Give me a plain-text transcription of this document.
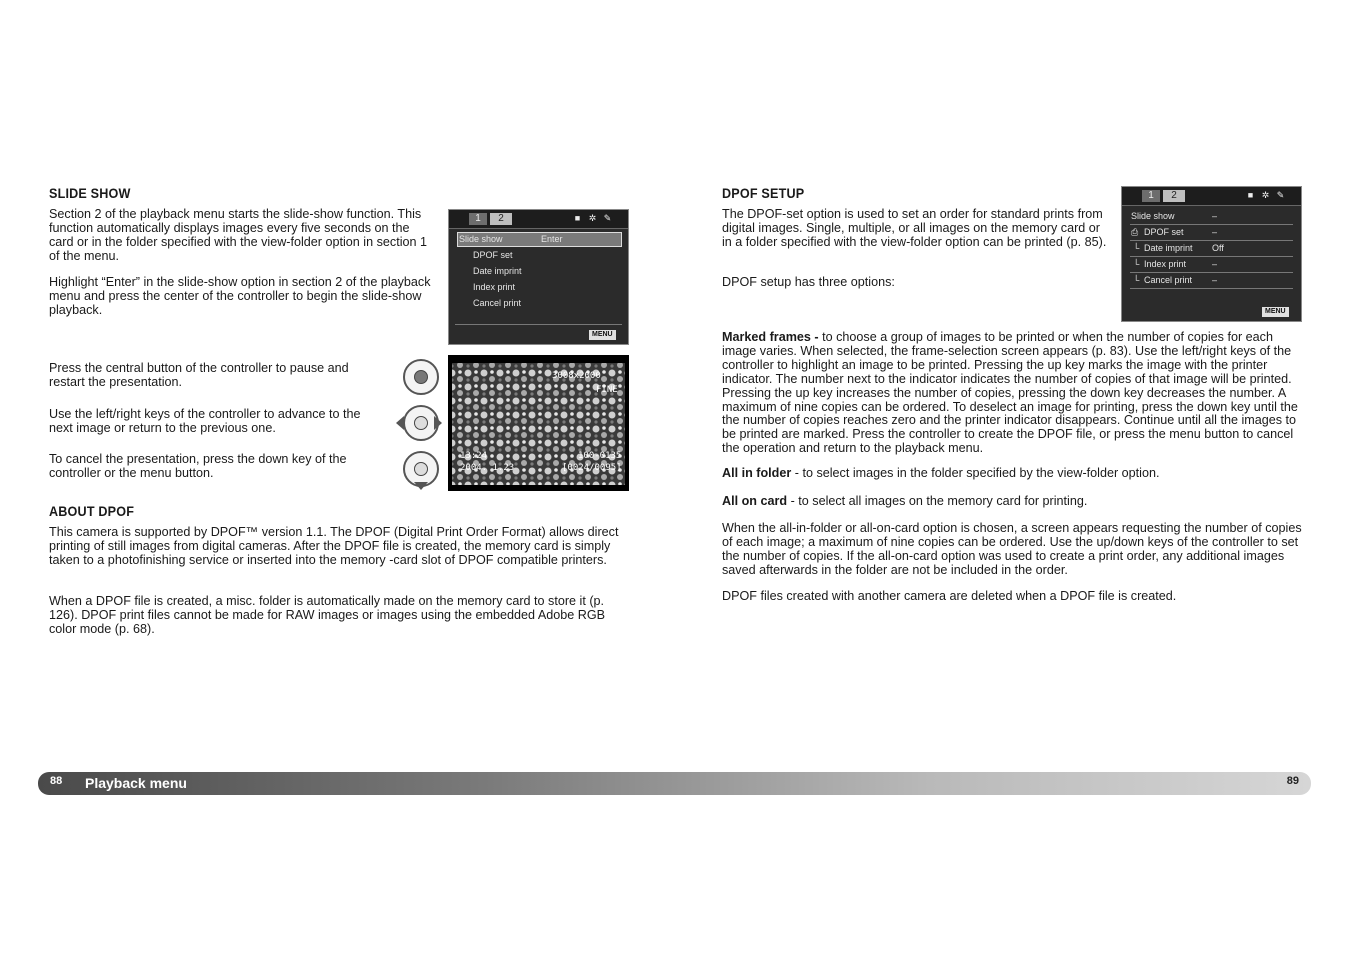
SLIDE SHOW

Section 2 of the playback menu starts the slide-show function. This function automatically displays images every five seconds on the card or in the folder specified with the view-folder option in section 1 of the menu.

Highlight “Enter” in the slide-show option in section 2 of the playback menu and press the center of the controller to begin the slide-show playback.

1	2	■ ✲ ✎
Slide show	Enter
DPOF set
Date imprint
Index print
Cancel print
MENU

Press the central button of the controller to pause and restart the presentation.

Use the left/right keys of the controller to advance to the next image or return to the previous one.

To cancel the presentation, press the down key of the controller or the menu button.

3008x2000
FINE
13:24
2004. 1.23
100-0135
[0024/0095]
ABOUT DPOF

This camera is supported by DPOF™ version 1.1. The DPOF (Digital Print Order Format) allows direct printing of still images from digital cameras. After the DPOF file is created, the memory card is simply taken to a photofinishing service or inserted into the memory -card slot of DPOF compatible printers.

When a DPOF file is created, a misc. folder is automatically made on the memory card to store it (p. 126). DPOF print files cannot be made for RAW images or images using the embedded Adobe RGB color mode (p. 68).

DPOF SETUP

The DPOF-set option is used to set an order for standard prints from digital images. Single, multiple, or all images on the memory card or in a folder specified with the view-folder option can be printed (p. 85).

DPOF setup has three options:

1	2	■ ✲ ✎
Slide show	–
⎙ DPOF set	–
└ Date imprint Off
└ Index print	–
└ Cancel print –
MENU

Marked frames - to choose a group of images to be printed or when the number of copies for each image varies. When selected, the frame-selection screen appears (p. 83). Use the left/right keys of the controller to highlight an image to be printed. Pressing the up key marks the image with the printer indicator. The number next to the indicator indicates the number of copies of that image will be printed. Pressing the up key increases the number of copies, pressing the down key decreases the number. A maximum of nine copies can be ordered. To deselect an image for printing, press the down key until the the number of copies reaches zero and the printer indicator disappears. Continue until all the images to be printed are marked. Press the controller to create the DPOF file, or press the menu button to cancel the operation and return to the playback menu.

All in folder - to select images in the folder specified by the view-folder option.

All on card - to select all images on the memory card for printing.

When the all-in-folder or all-on-card option is chosen, a screen appears requesting the number of copies of each image; a maximum of nine copies can be ordered. Use the up/down keys of the controller to set the number of copies. If the all-on-card option was used to create a print order, any additional images saved afterwards in the folder are not be included in the order.

DPOF files created with another camera are deleted when a DPOF file is created.

88 Playback menu	89
